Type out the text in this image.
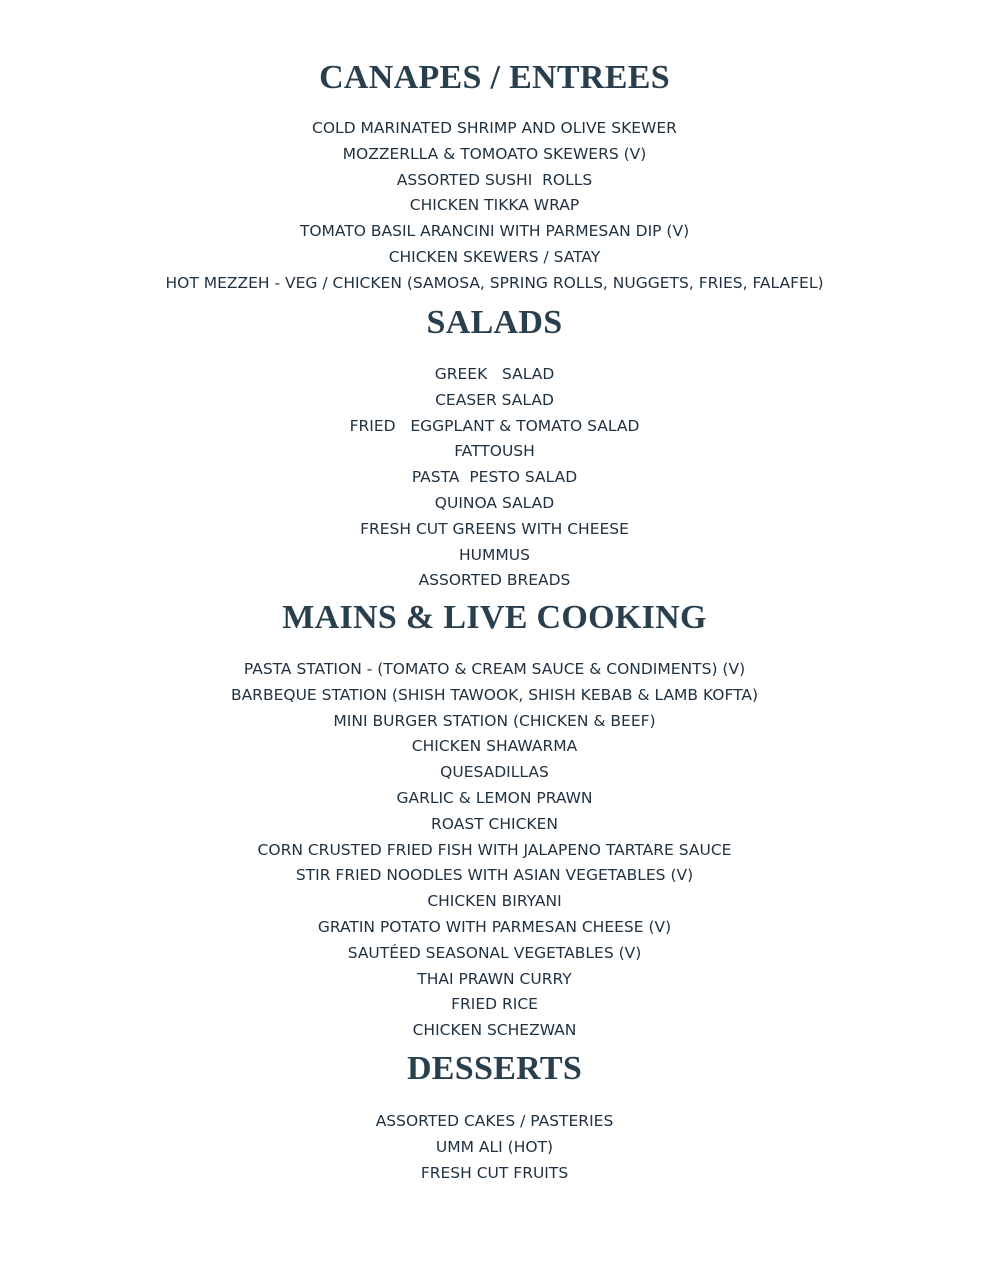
CANAPES / ENTREES
COLD MARINATED SHRIMP AND OLIVE SKEWER
MOZZERLLA & TOMOATO SKEWERS (V)
ASSORTED SUSHI  ROLLS
CHICKEN TIKKA WRAP
TOMATO BASIL ARANCINI WITH PARMESAN DIP (V)
CHICKEN SKEWERS / SATAY
HOT MEZZEH - VEG / CHICKEN (SAMOSA, SPRING ROLLS, NUGGETS, FRIES, FALAFEL)
SALADS
GREEK   SALAD
CEASER SALAD
FRIED   EGGPLANT & TOMATO SALAD
FATTOUSH
PASTA  PESTO SALAD
QUINOA SALAD
FRESH CUT GREENS WITH CHEESE
HUMMUS
ASSORTED BREADS
MAINS & LIVE COOKING
PASTA STATION - (TOMATO & CREAM SAUCE & CONDIMENTS) (V)
BARBEQUE STATION (SHISH TAWOOK, SHISH KEBAB & LAMB KOFTA)
MINI BURGER STATION (CHICKEN & BEEF)
CHICKEN SHAWARMA
QUESADILLAS
GARLIC & LEMON PRAWN
ROAST CHICKEN
CORN CRUSTED FRIED FISH WITH JALAPENO TARTARE SAUCE
STIR FRIED NOODLES WITH ASIAN VEGETABLES (V)
CHICKEN BIRYANI
GRATIN POTATO WITH PARMESAN CHEESE (V)
SAUTÉED SEASONAL VEGETABLES (V)
THAI PRAWN CURRY
FRIED RICE
CHICKEN SCHEZWAN
DESSERTS
ASSORTED CAKES / PASTERIES
UMM ALI (HOT)
FRESH CUT FRUITS
